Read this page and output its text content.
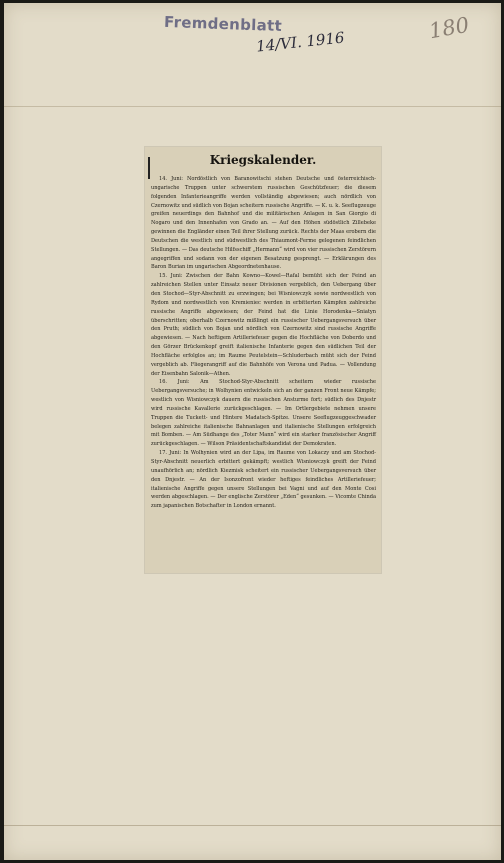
Fremdenblatt
14/VI. 1916	180
Kriegskalender.

14. Juni: Nordöstlich von Baranowitschi stehen Deutsche und österreichisch-ungarische Truppen unter schwerstem russischen Geschützfeuer; die diesem folgenden Infanterieangriffe werden vollständig abgewiesen; auch nördlich von Czernowitz und südlich von Bojan scheitern russische Angriffe. — K. u. k. Seeflugzeuge greifen neuerdings den Bahnhof und die militärischen Anlagen in San Giorgio di Nogaro und den Innenhafen von Grado an. — Auf den Höhen südöstlich Zillebeke gewinnen die Engländer einen Teil ihrer Stellung zurück. Rechts der Maas erobern die Deutschen die westlich und südwestlich des Thiaumont-Ferme gelegenen feindlichen Stellungen. — Das deutsche Hilfsschiff „Hermann“ wird von vier russischen Zerstörern angegriffen und sodann von der eigenen Besatzung gesprengt. — Erklärungen des Baron Burian im ungarischen Abgeordnetenhause.

15. Juni: Zwischen der Bahn Kowno—Kowel—Rafal bemüht sich der Feind an zahlreichen Stellen unter Einsatz neuer Divisionen vergeblich, den Uebergang über den Stochod—Styr-Abschnitt zu erzwingen; bei Wisniowczyk sowie nordwestlich von Rydom und nordwestlich von Kremieniec werden in erbitterten Kämpfen zahlreiche russische Angriffe abgewiesen; der Feind hat die Linie Horodenka—Sniatyn überschritten; oberhalb Czernowitz mißlingt ein russischer Uebergangsversuch über den Pruth; südlich von Bojan und nördlich von Czernowitz sind russische Angriffe abgewiesen. — Nach heftigem Artilleriefeuer gegen die Hochfläche von Doberdo und den Görzer Brückenkopf greift italienische Infanterie gegen den südlichen Teil der Hochfläche erfolglos an; im Raume Peutelstein—Schluderbach müht sich der Feind vergeblich ab. Fliegerangriff auf die Bahnhöfe von Verona und Padua. — Vollendung der Eisenbahn Salonik—Athen.

16. Juni: Am Stochod-Styr-Abschnitt scheitern wieder russische Uebergangsversuche; in Wolhynien entwickeln sich an der ganzen Front neue Kämpfe; westlich von Wisniowczyk dauern die russischen Ansturme fort; südlich des Dnjestr wird russische Kavallerie zurückgeschlagen. — Im Ortlergebiete nehmen unsere Truppen die Tuckett- und Hintere Madatsch-Spitze. Unsere Seeflugzeuggeschwader belegen zahlreiche italienische Bahnanlagen und italienische Stellungen erfolgreich mit Bomben. — Am Südhange des „Toter Mann“ wird ein starker französischer Angriff zurückgeschlagen. — Wilson Präsidentschaftskandidat der Demokraten.

17. Juni: In Wolhynien wird an der Lipa, im Raume von Lokaczy und am Stochod-Styr-Abschnitt neuerlich erbittert gekämpft; westlich Wisniowczyk greift der Feind unaufhörlich an; nördlich Kiezmisk scheitert ein russischer Uebergangsversuch über den Dnjestr. — An der Isonzofront wieder heftiges feindliches Artilleriefeuer; italienische Angriffe gegen unsere Stellungen bei Vagni und auf den Monte Cosi werden abgeschlagen. — Der englische Zerstörer „Eden“ gesunken. — Vicomte Chinda zum japanischen Botschafter in London ernannt.
